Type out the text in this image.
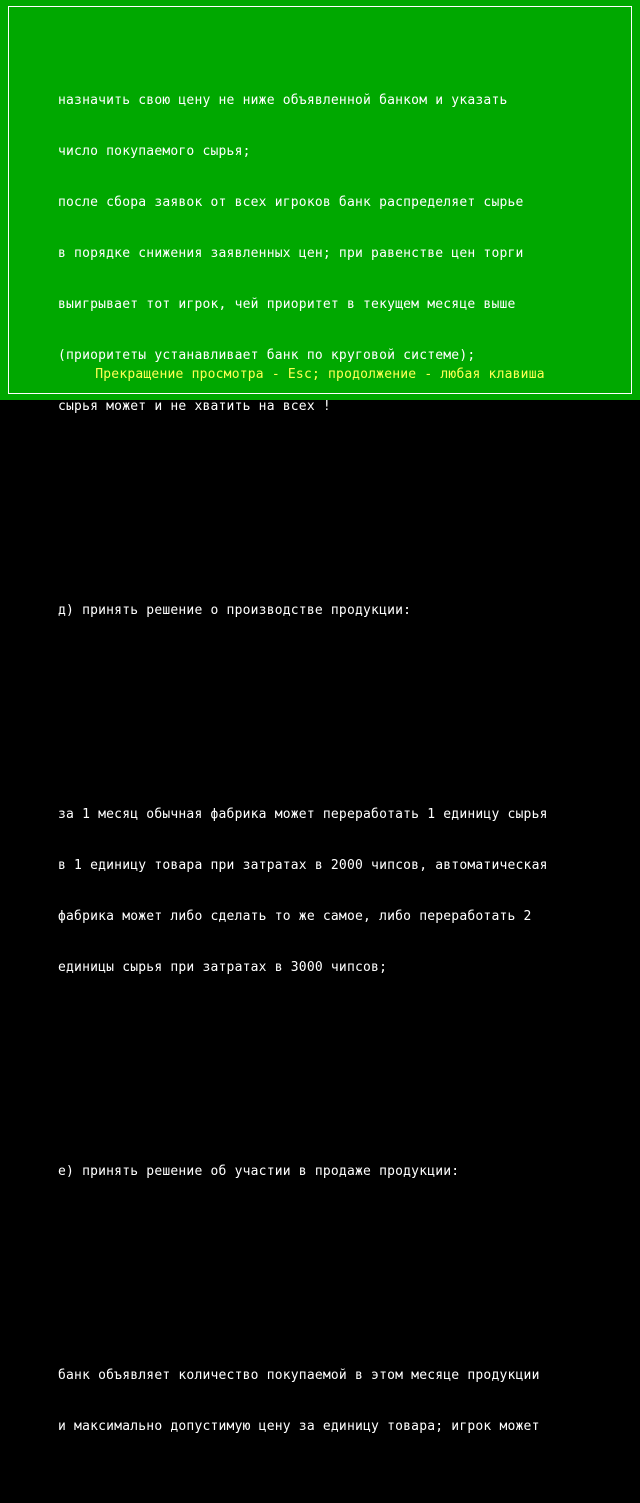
назначить свою цену не ниже объявленной банком и указать

число покупаемого сырья;

после сбора заявок от всех игроков банк распределяет сырье

в порядке снижения заявленных цен; при равенстве цен торги

выигрывает тот игрок, чей приоритет в текущем месяце выше

(приоритеты устанавливает банк по круговой системе);

сырья может и не хватить на всех !

д) принять решение о производстве продукции:

за 1 месяц обычная фабрика может переработать 1 единицу сырья

в 1 единицу товара при затратах в 2000 чипсов, автоматическая

фабрика может либо сделать то же самое, либо переработать 2

единицы сырья при затратах в 3000 чипсов;

е) принять решение об участии в продаже продукции:

банк объявляет количество покупаемой в этом месяце продукции

и максимально допустимую цену за единицу товара; игрок может

Прекращение просмотра - Esc; продолжение - любая клавиша
